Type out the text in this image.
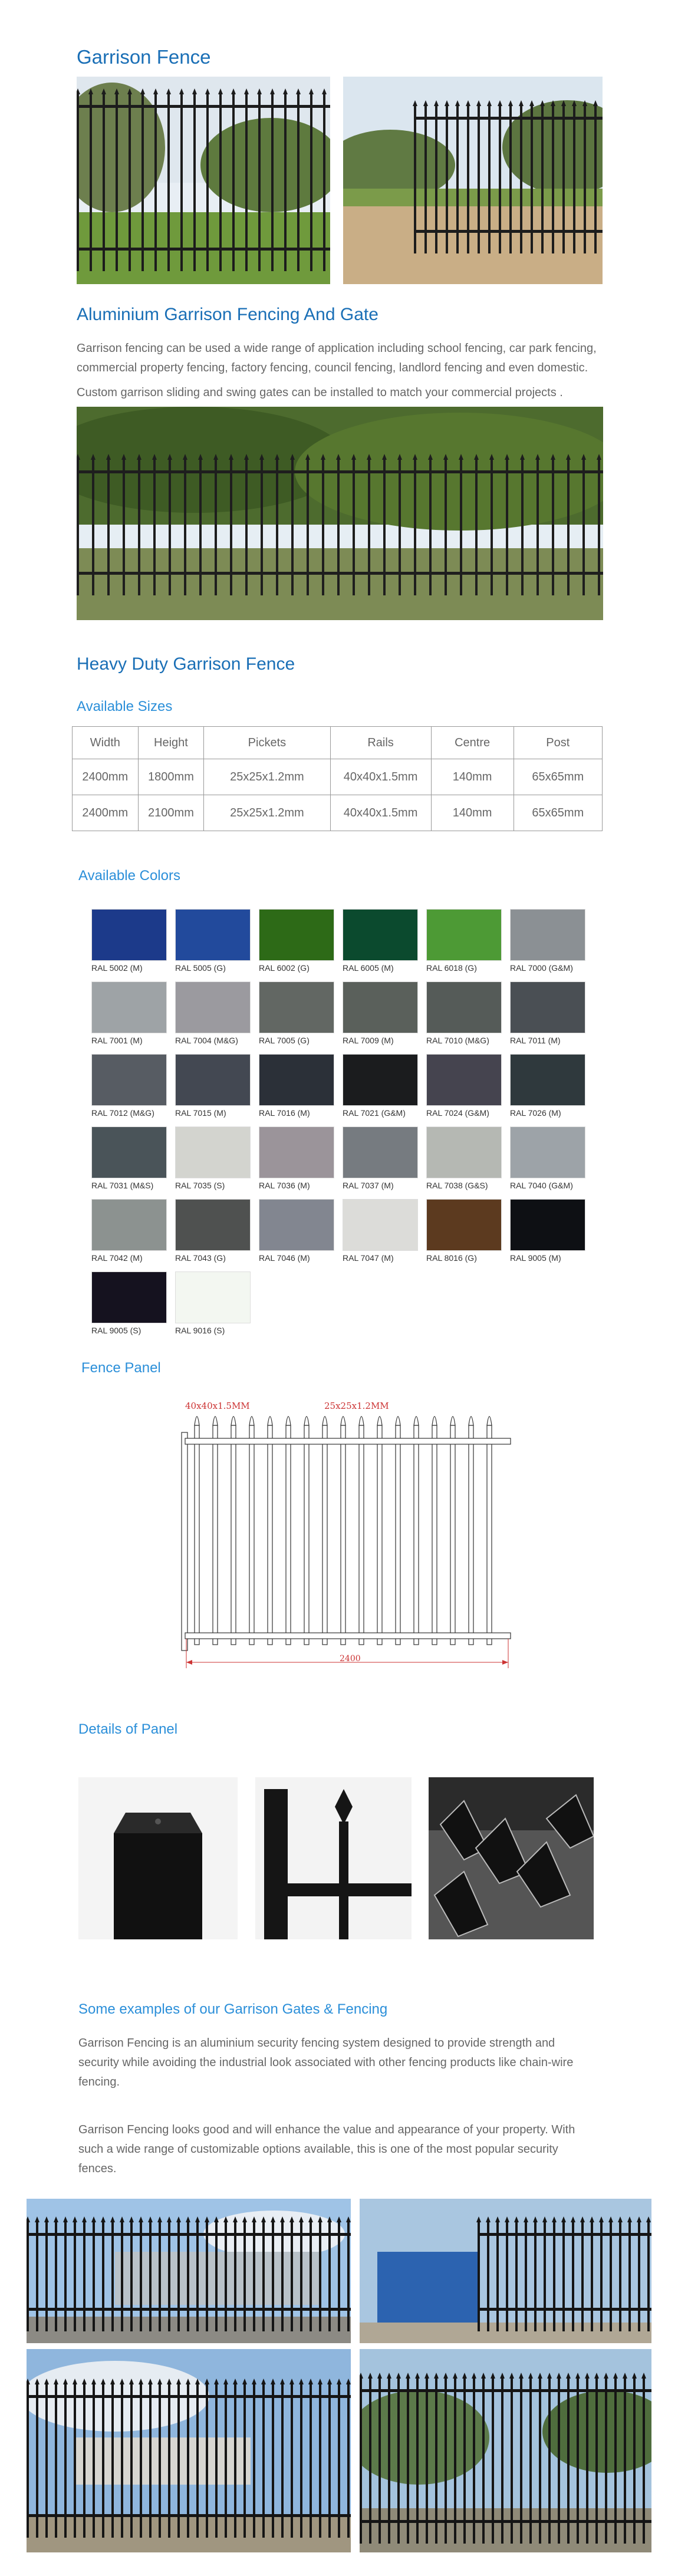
Garrison Fence
Aluminium Garrison Fencing And Gate

Garrison fencing can be used a wide range of application including school fencing, car park fencing, commercial property fencing, factory fencing, council fencing, landlord fencing and even domestic.

Custom garrison sliding and swing gates can be installed to match your commercial projects .

Heavy Duty Garrison Fence
Available Sizes
Width	Height	Pickets	Rails	Centre	Post
2400mm	1800mm	25x25x1.2mm	40x40x1.5mm	140mm	65x65mm
2400mm	2100mm	25x25x1.2mm	40x40x1.5mm	140mm	65x65mm
Available Colors
RAL 5002 (M)	RAL 5005 (G)	RAL 6002 (G)	RAL 6005 (M)	RAL 6018 (G)	RAL 7000 (G&M)
RAL 7001 (M)	RAL 7004 (M&G)	RAL 7005 (G)	RAL 7009 (M)	RAL 7010 (M&G)	RAL 7011 (M)
RAL 7012 (M&G)	RAL 7015 (M)	RAL 7016 (M)	RAL 7021 (G&M)	RAL 7024 (G&M)	RAL 7026 (M)
RAL 7031 (M&S)	RAL 7035 (S)	RAL 7036 (M)	RAL 7037 (M)	RAL 7038 (G&S)	RAL 7040 (G&M)
RAL 7042 (M)	RAL 7043 (G)	RAL 7046 (M)	RAL 7047 (M)	RAL 8016 (G)	RAL 9005 (M)
RAL 9005 (S)	RAL 9016 (S)
Fence Panel
40x40x1.5MM	25x25x1.2MM
2400
Details of Panel
Some examples of our Garrison Gates & Fencing

Garrison Fencing is an aluminium security fencing system designed to provide strength and security while avoiding the industrial look associated with other fencing products like chain-wire fencing.

Garrison Fencing looks good and will enhance the value and appearance of your property. With such a wide range of customizable options available, this is one of the most popular security fences.
